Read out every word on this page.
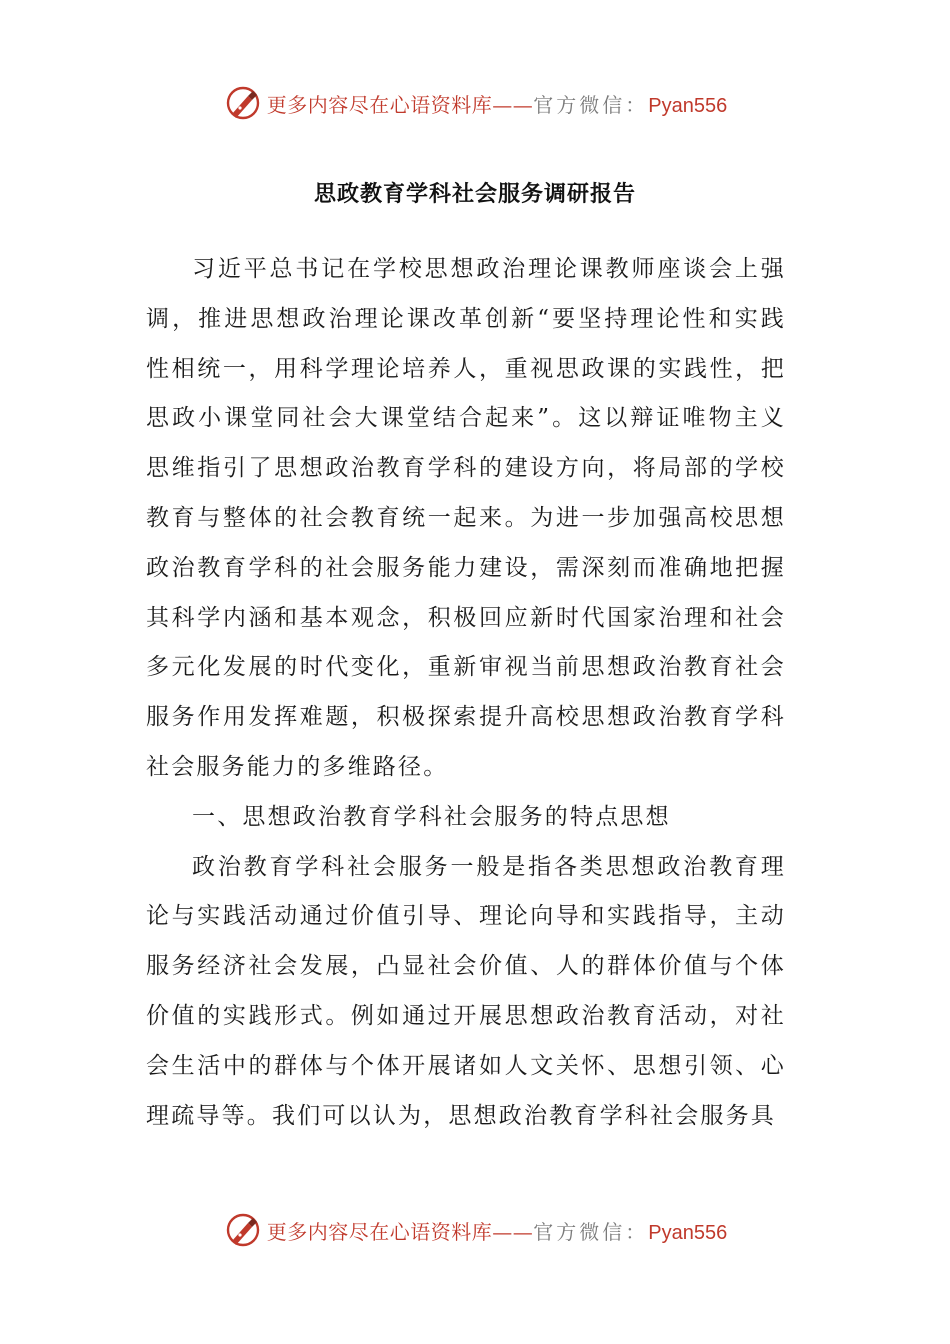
更多内容尽在心语资料库——官方微信：Pyan556
思政教育学科社会服务调研报告

习近平总书记在学校思想政治理论课教师座谈会上强调，推进思想政治理论课改革创新“要坚持理论性和实践性相统一，用科学理论培养人，重视思政课的实践性，把思政小课堂同社会大课堂结合起来”。这以辩证唯物主义思维指引了思想政治教育学科的建设方向，将局部的学校教育与整体的社会教育统一起来。为进一步加强高校思想政治教育学科的社会服务能力建设，需深刻而准确地把握其科学内涵和基本观念，积极回应新时代国家治理和社会多元化发展的时代变化，重新审视当前思想政治教育社会服务作用发挥难题，积极探索提升高校思想政治教育学科社会服务能力的多维路径。

一、思想政治教育学科社会服务的特点思想

政治教育学科社会服务一般是指各类思想政治教育理论与实践活动通过价值引导、理论向导和实践指导，主动服务经济社会发展，凸显社会价值、人的群体价值与个体价值的实践形式。例如通过开展思想政治教育活动，对社会生活中的群体与个体开展诸如人文关怀、思想引领、心理疏导等。我们可以认为，思想政治教育学科社会服务具

更多内容尽在心语资料库——官方微信：Pyan556
